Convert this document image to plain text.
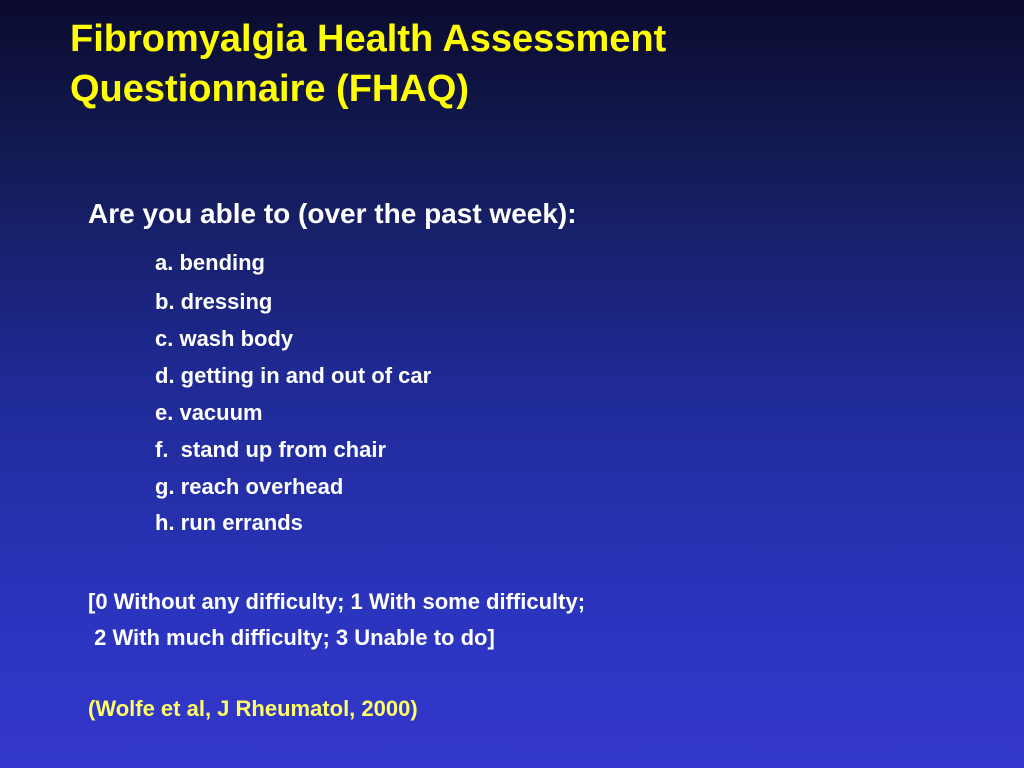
Fibromyalgia Health Assessment
Questionnaire (FHAQ)

Are you able to (over the past week):

a. bending
b. dressing
c. wash body
d. getting in and out of car
e. vacuum
f.  stand up from chair
g. reach overhead
h. run errands

[0 Without any difficulty; 1 With some difficulty;
2 With much difficulty; 3 Unable to do]

(Wolfe et al, J Rheumatol, 2000)
